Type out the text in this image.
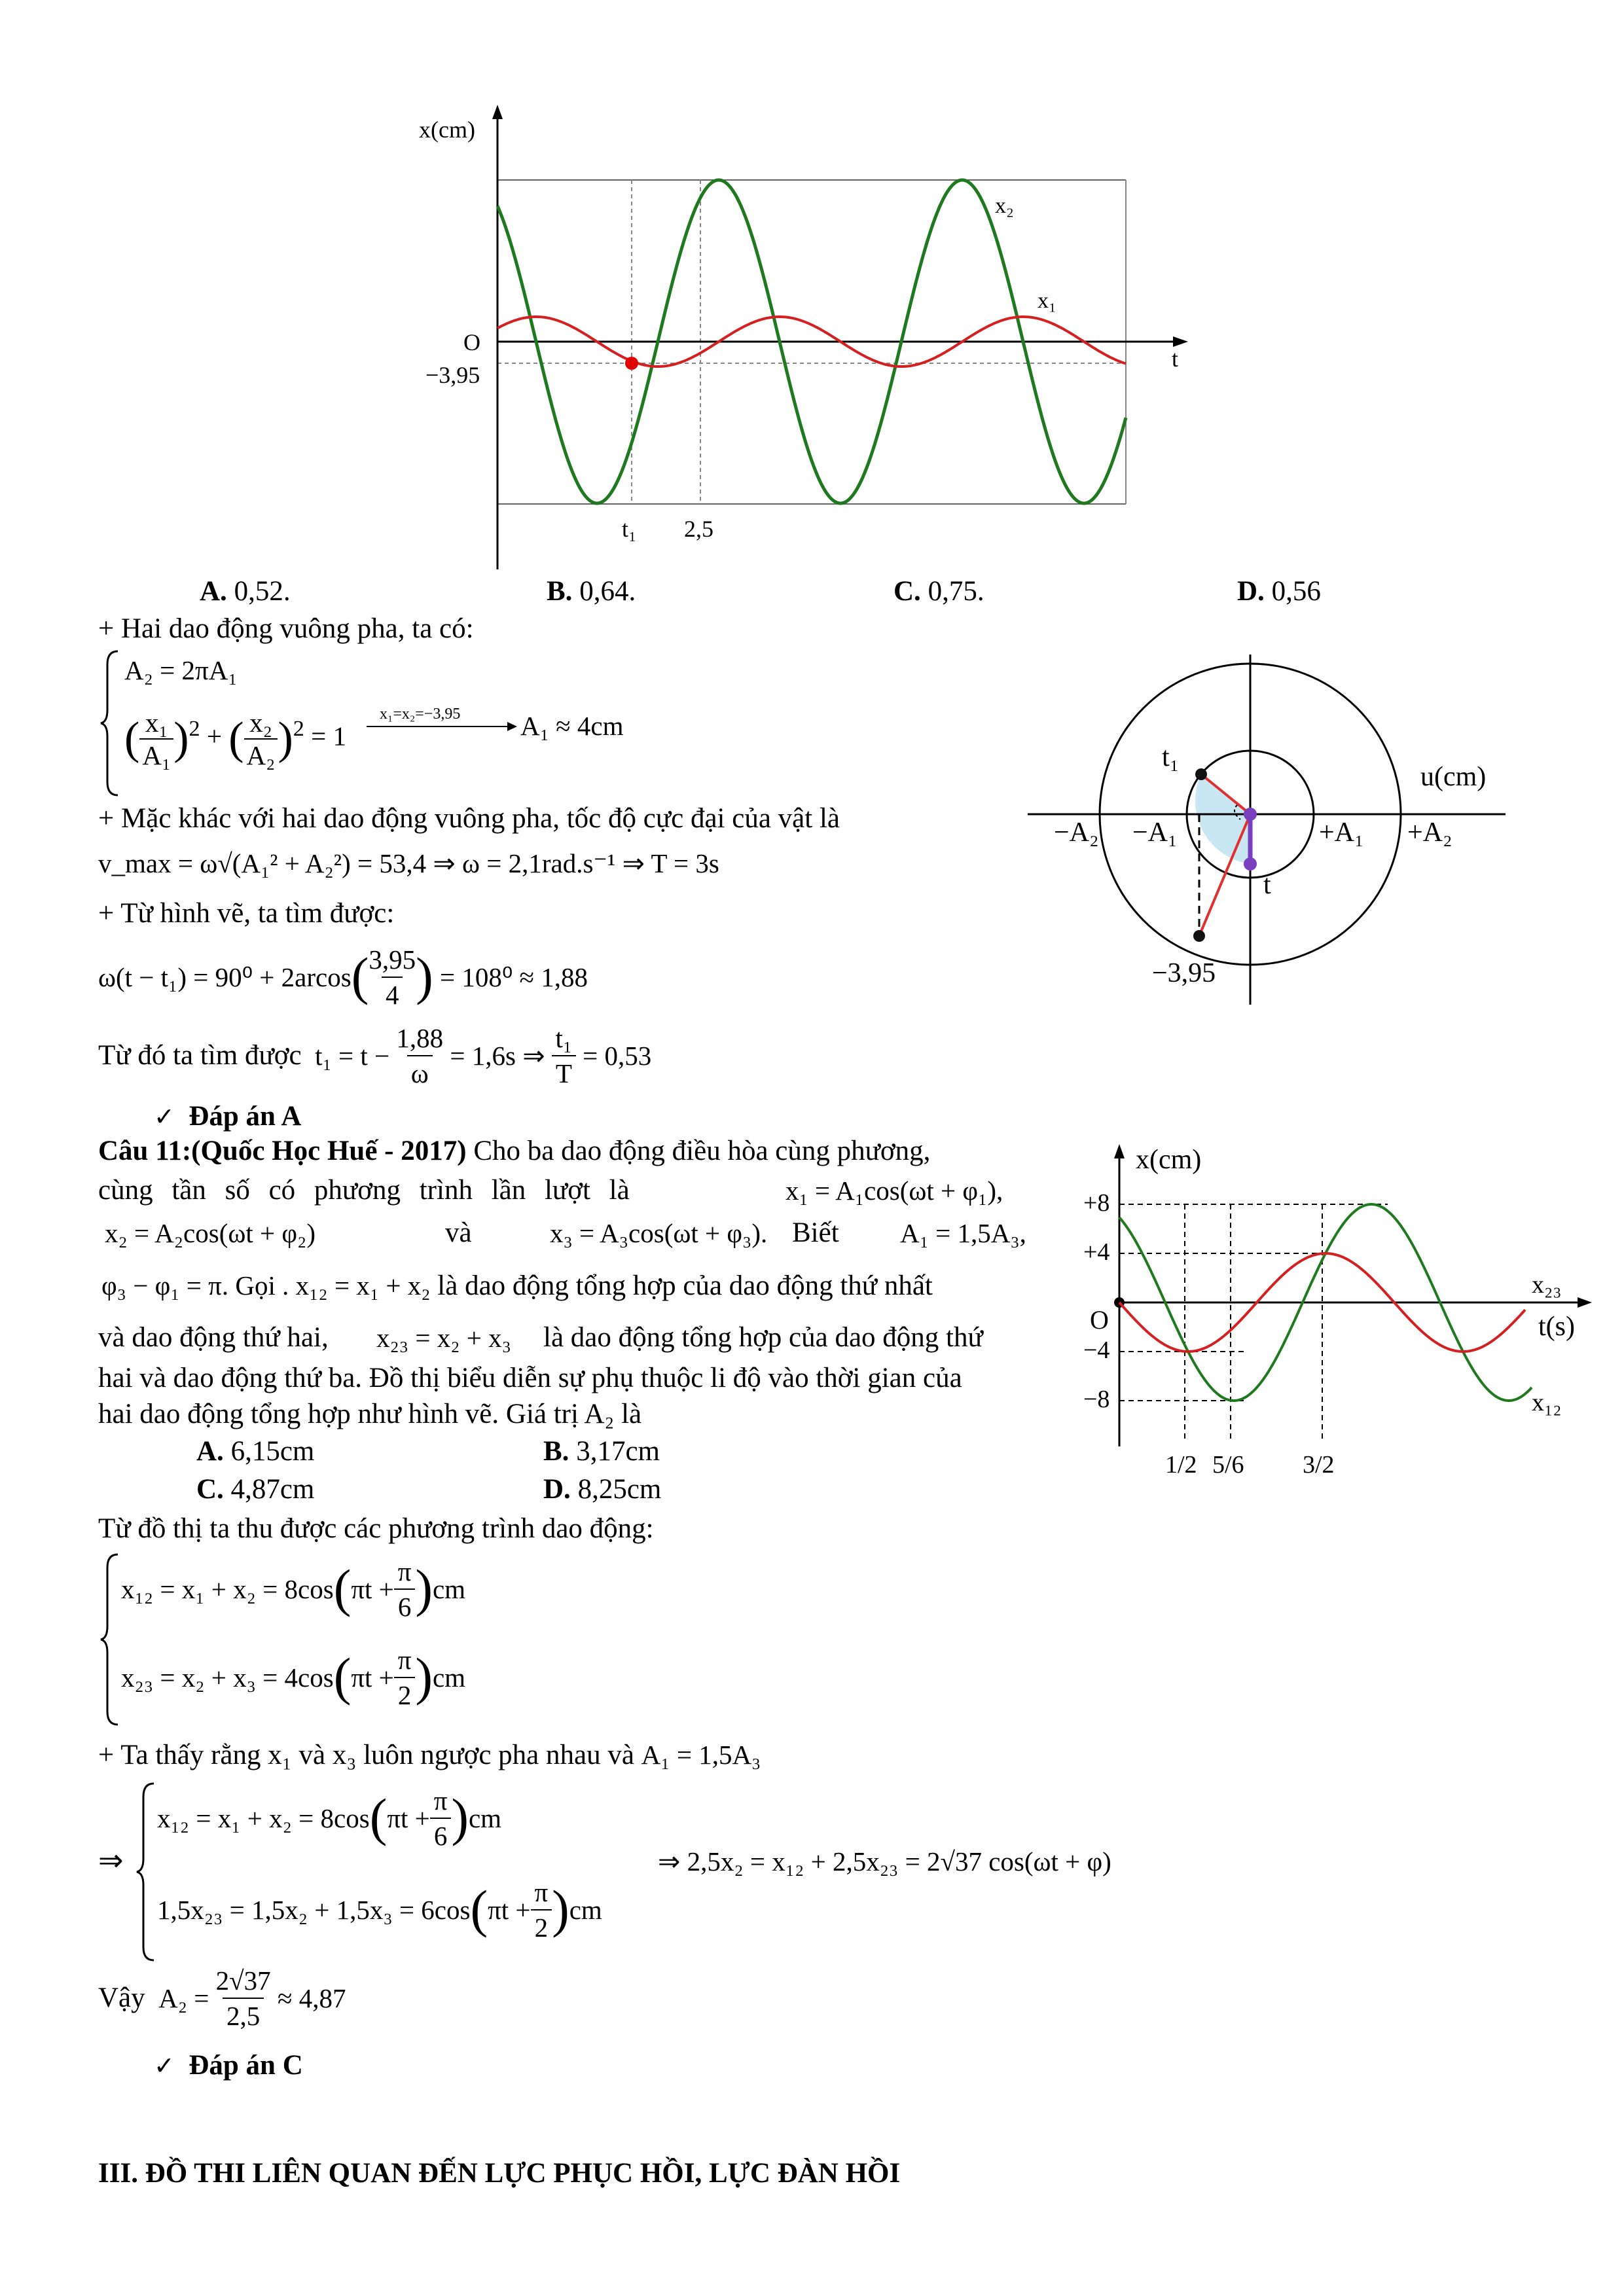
x(cm)
t
O
−3,95
t₁ 2,5
x₂
x₁
A. 0,52.	B. 0,64.	C. 0,75.	D. 0,56
+ Hai dao động vuông pha, ta có:
A₂ = 2πA₁
( x₁
A₁)$^2$ + ( x₂
A₂)$^2$ = 1
x₁=x₂=−3,95 A₁ ≈ 4cm
+ Mặc khác với hai dao động vuông pha, tốc độ cực đại của vật là
v_max = ω√(A₁² + A₂²) = 53,4 ⇒ ω = 2,1rad.s⁻¹ ⇒ T = 3s
+ Từ hình vẽ, ta tìm được:
$\omega(t - t_1) = 90^0 + 2arcos(\frac{3,95}{4}) = 108^0 \approx 1,88$
Từ đó ta tìm được $t_1 = t - \frac{1,88}{\omega} = 1,6s$ ⇒ $\frac{\text{t₁}}{T} = 0,53$
✓ Đáp án A
u(cm)
−A₂ −A₁	+A₁ +A₂
t₁
t
−3,95
Câu 11:(Quốc Học Huế - 2017) Cho ba dao động điều hòa cùng phương,
cùng tần số có phương trình lần lượt là	x₁ = A₁cos(ωt + φ₁),
x₂ = A₂cos(ωt + φ₂)	và	x₃ = A₃cos(ωt + φ₃). Biết A₁ = 1,5A₃,
φ₃ − φ₁ = π. Gọi . x₁₂ = x₁ + x₂ là dao động tổng hợp của dao động thứ nhất
và dao động thứ hai, x₂₃ = x₂ + x₃ là dao động tổng hợp của dao động thứ
hai và dao động thứ ba. Đồ thị biểu diễn sự phụ thuộc li độ vào thời gian của
hai dao động tổng hợp như hình vẽ. Giá trị A₂ là
A. 6,15cm	B. 3,17cm
C. 4,87cm	D. 8,25cm
Từ đồ thị ta thu được các phương trình dao động:
$x_{12} = x_1 + x_2 = 8\cos(\pi t +\frac{\pi}{6})cm$
$x_{23} = x_2 + x_3 = 4\cos(\pi t +\frac{\pi}{2})cm$
+ Ta thấy rằng x₁ và x₃ luôn ngược pha nhau và A₁ = 1,5A₃
⇒
$x_{12} = x_1 + x_2 = 8\cos(\pi t +\frac{\pi}{6})cm$
$1,5x_{23} = 1,5x_2 + 1,5x_3 = 6\cos(\pi t +\frac{\pi}{2})cm$
⇒ 2,5x₂ = x₁₂ + 2,5x₂₃ = 2√37 cos(ωt + φ)
Vậy $A_2 = \frac{2√37}{2,5} \approx 4,87$
✓ Đáp án C
III. ĐỒ THI LIÊN QUAN ĐẾN LỰC PHỤC HỒI, LỰC ĐÀN HỒI
x(cm)
t(s)
O
+8
+4
−4
−8
1/2 5/6 3/2
x₂₃
x₁₂
